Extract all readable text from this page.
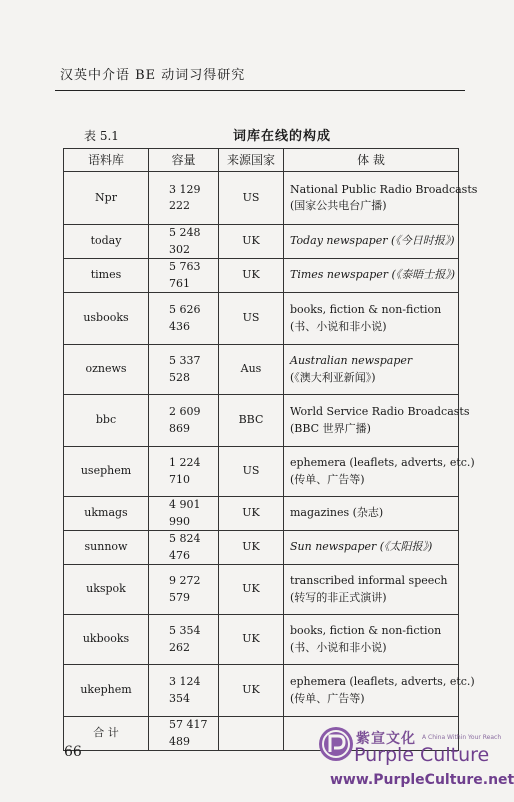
汉英中介语 BE 动词习得研究
表 5.1	词库在线的构成
语料库	容量	来源国家	体 裁
Npr	3 129 222	US	National Public Radio Broadcasts
(国家公共电台广播)

today	5 248 302	UK	Today newspaper (《今日时报》)

times	5 763 761	UK	Times newspaper (《泰晤士报》)

usbooks	5 626 436	US	books, fiction & non-fiction
(书、小说和非小说)

oznews	5 337 528	Aus	Australian newspaper
(《澳大利亚新闻》)

bbc	2 609 869	BBC	World Service Radio Broadcasts
(BBC 世界广播)

usephem	1 224 710	US	ephemera (leaflets, adverts, etc.)
(传单、广告等)

ukmags	4 901 990	UK	magazines (杂志)

sunnow	5 824 476	UK	Sun newspaper (《太阳报》)

ukspok	9 272 579	UK	transcribed informal speech
(转写的非正式演讲)

ukbooks	5 354 262	UK	books, fiction & non-fiction
(书、小说和非小说)

ukephem	3 124 354	UK	ephemera (leaflets, adverts, etc.)
(传单、广告等)

合 计	57 417 489		
66
紫宣文化 A China Within Your Reach
Purple Culture
www.PurpleCulture.net
